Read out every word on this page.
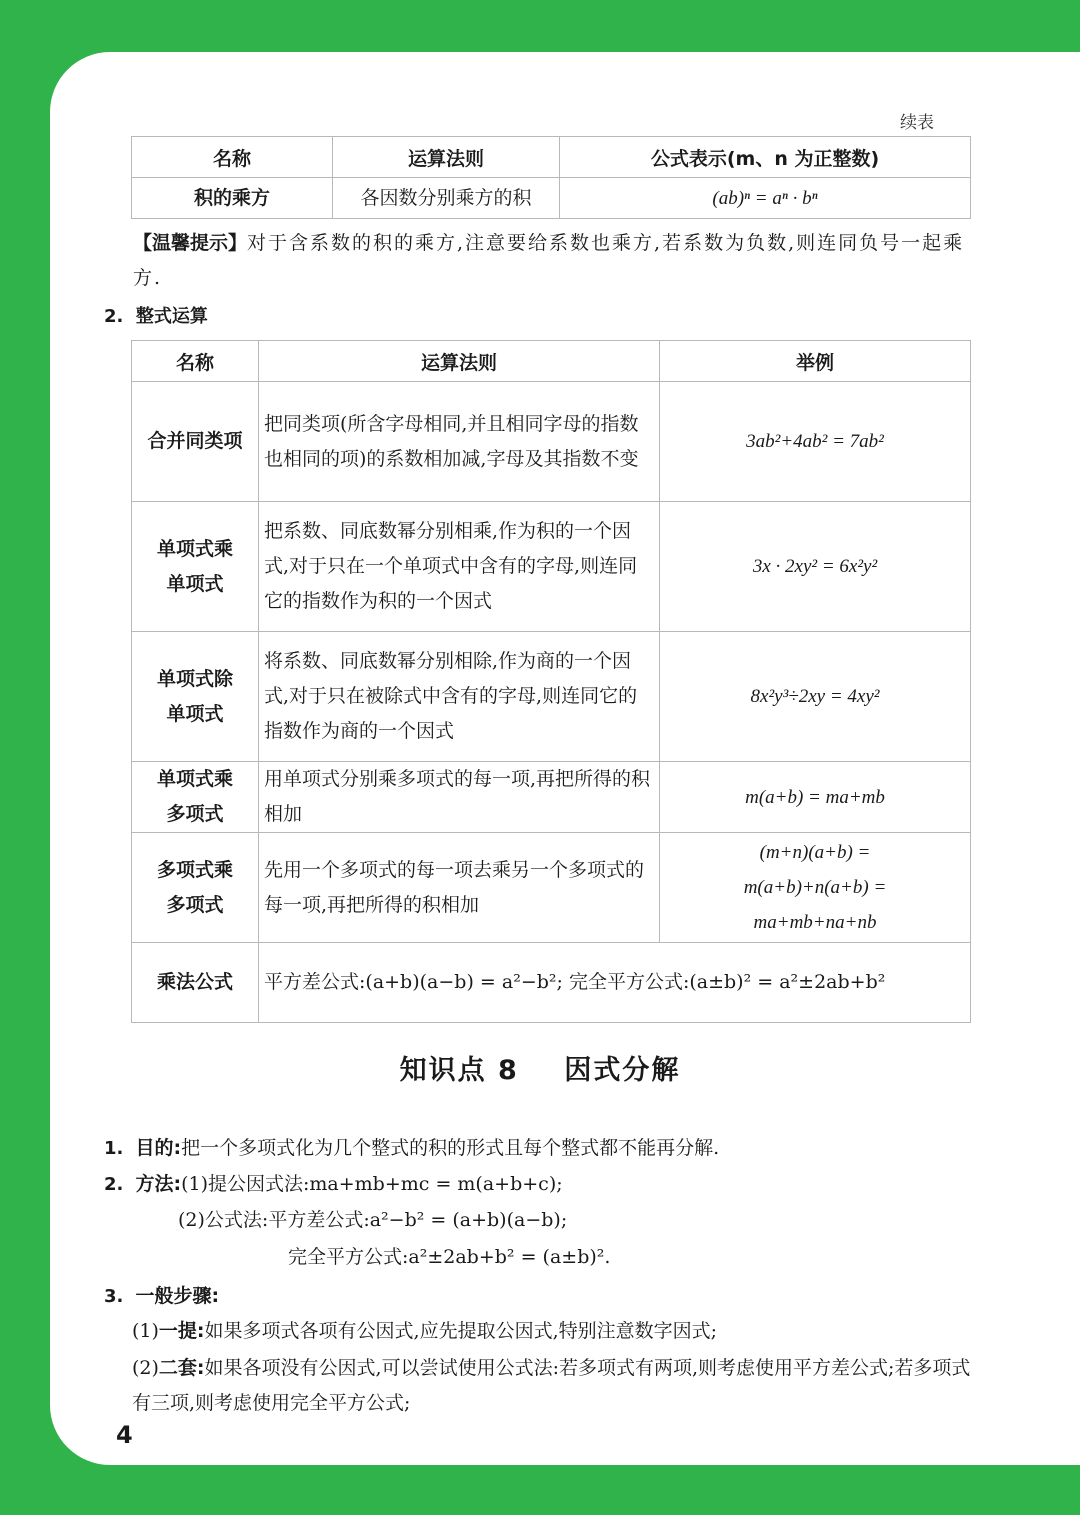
续表
名称	运算法则	公式表示(m、n 为正整数)
积的乘方	各因数分别乘方的积	(ab)ⁿ = aⁿ · bⁿ
【温馨提示】对于含系数的积的乘方,注意要给系数也乘方,若系数为负数,则连同负号一起乘方.
2. 整式运算
名称	运算法则	举例
合并同类项	把同类项(所含字母相同,并且相同字母的指数也相同的项)的系数相加减,字母及其指数不变	3ab²+4ab² = 7ab²
单项式乘单项式	把系数、同底数幂分别相乘,作为积的一个因式,对于只在一个单项式中含有的字母,则连同它的指数作为积的一个因式	3x · 2xy² = 6x²y²
单项式除单项式	将系数、同底数幂分别相除,作为商的一个因式,对于只在被除式中含有的字母,则连同它的指数作为商的一个因式	8x²y³÷2xy = 4xy²
单项式乘多项式	用单项式分别乘多项式的每一项,再把所得的积相加	m(a+b) = ma+mb
多项式乘多项式	先用一个多项式的每一项去乘另一个多项式的每一项,再把所得的积相加	(m+n)(a+b) = m(a+b)+n(a+b) = ma+mb+na+nb
乘法公式	平方差公式:(a+b)(a−b) = a²−b²; 完全平方公式:(a±b)² = a²±2ab+b²	
知识点 8 因式分解
1. 目的:把一个多项式化为几个整式的积的形式且每个整式都不能再分解.
2. 方法:(1)提公因式法:ma+mb+mc = m(a+b+c);
(2)公式法:平方差公式:a²−b² = (a+b)(a−b);
完全平方公式:a²±2ab+b² = (a±b)².
3. 一般步骤:
(1)一提:如果多项式各项有公因式,应先提取公因式,特别注意数字因式;
(2)二套:如果各项没有公因式,可以尝试使用公式法:若多项式有两项,则考虑使用平方差公式;若多项式有三项,则考虑使用完全平方公式;
4
